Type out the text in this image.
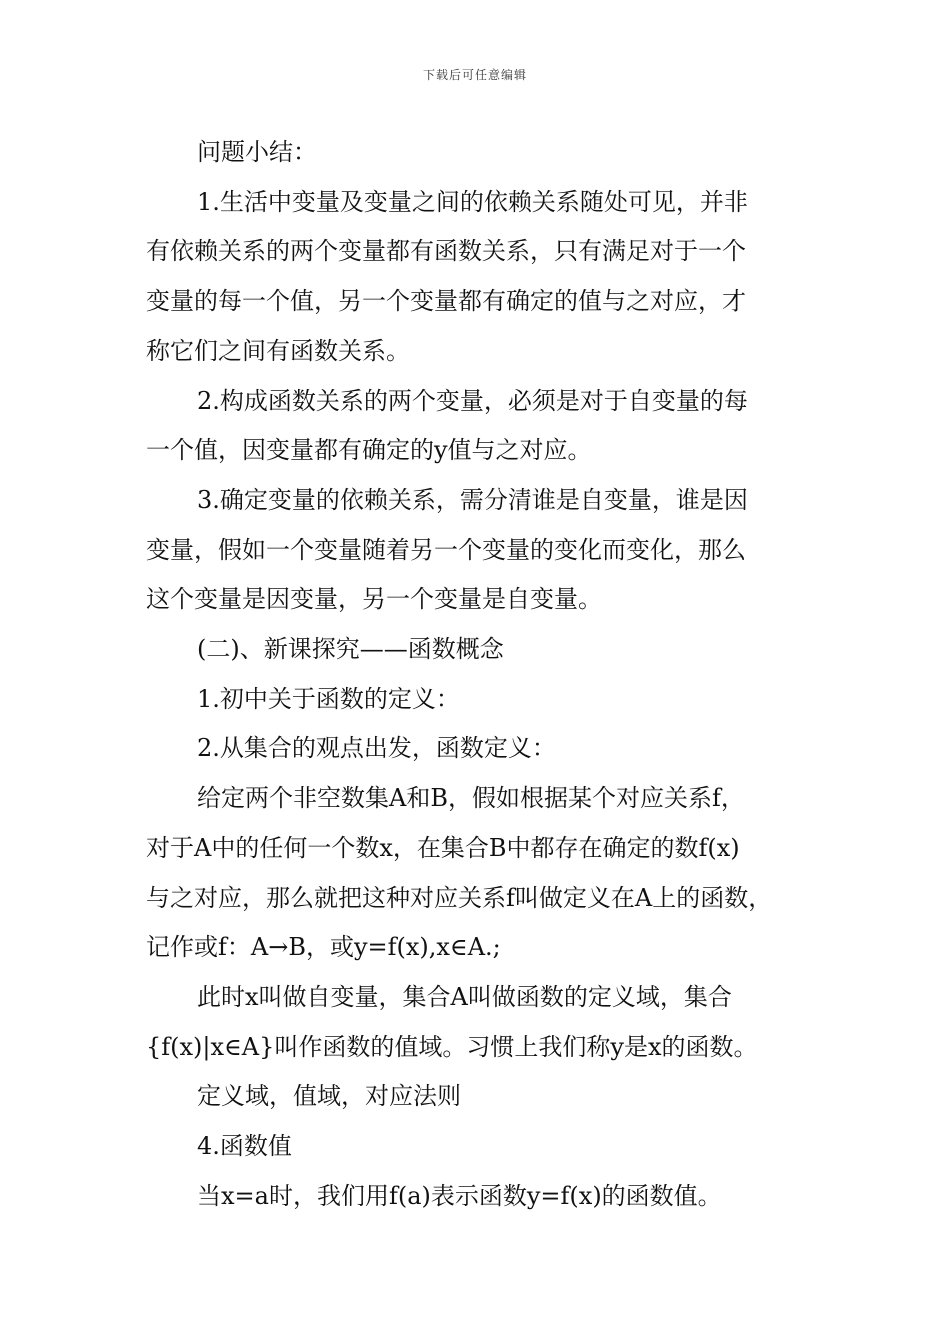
下载后可任意编辑

问题小结：

1.生活中变量及变量之间的依赖关系随处可见，并非

有依赖关系的两个变量都有函数关系，只有满足对于一个

变量的每一个值，另一个变量都有确定的值与之对应，才

称它们之间有函数关系。

2.构成函数关系的两个变量，必须是对于自变量的每

一个值，因变量都有确定的y值与之对应。

3.确定变量的依赖关系，需分清谁是自变量，谁是因

变量，假如一个变量随着另一个变量的变化而变化，那么

这个变量是因变量，另一个变量是自变量。

(二)、新课探究——函数概念

1.初中关于函数的定义：

2.从集合的观点出发，函数定义：

给定两个非空数集A和B，假如根据某个对应关系f，

对于A中的任何一个数x，在集合B中都存在确定的数f(x)

与之对应，那么就把这种对应关系f叫做定义在A上的函数，

记作或f：A→B，或y=f(x),x∈A.;

此时x叫做自变量，集合A叫做函数的定义域，集合

{f(x)|x∈A}叫作函数的值域。习惯上我们称y是x的函数。

定义域，值域，对应法则

4.函数值

当x=a时，我们用f(a)表示函数y=f(x)的函数值。
